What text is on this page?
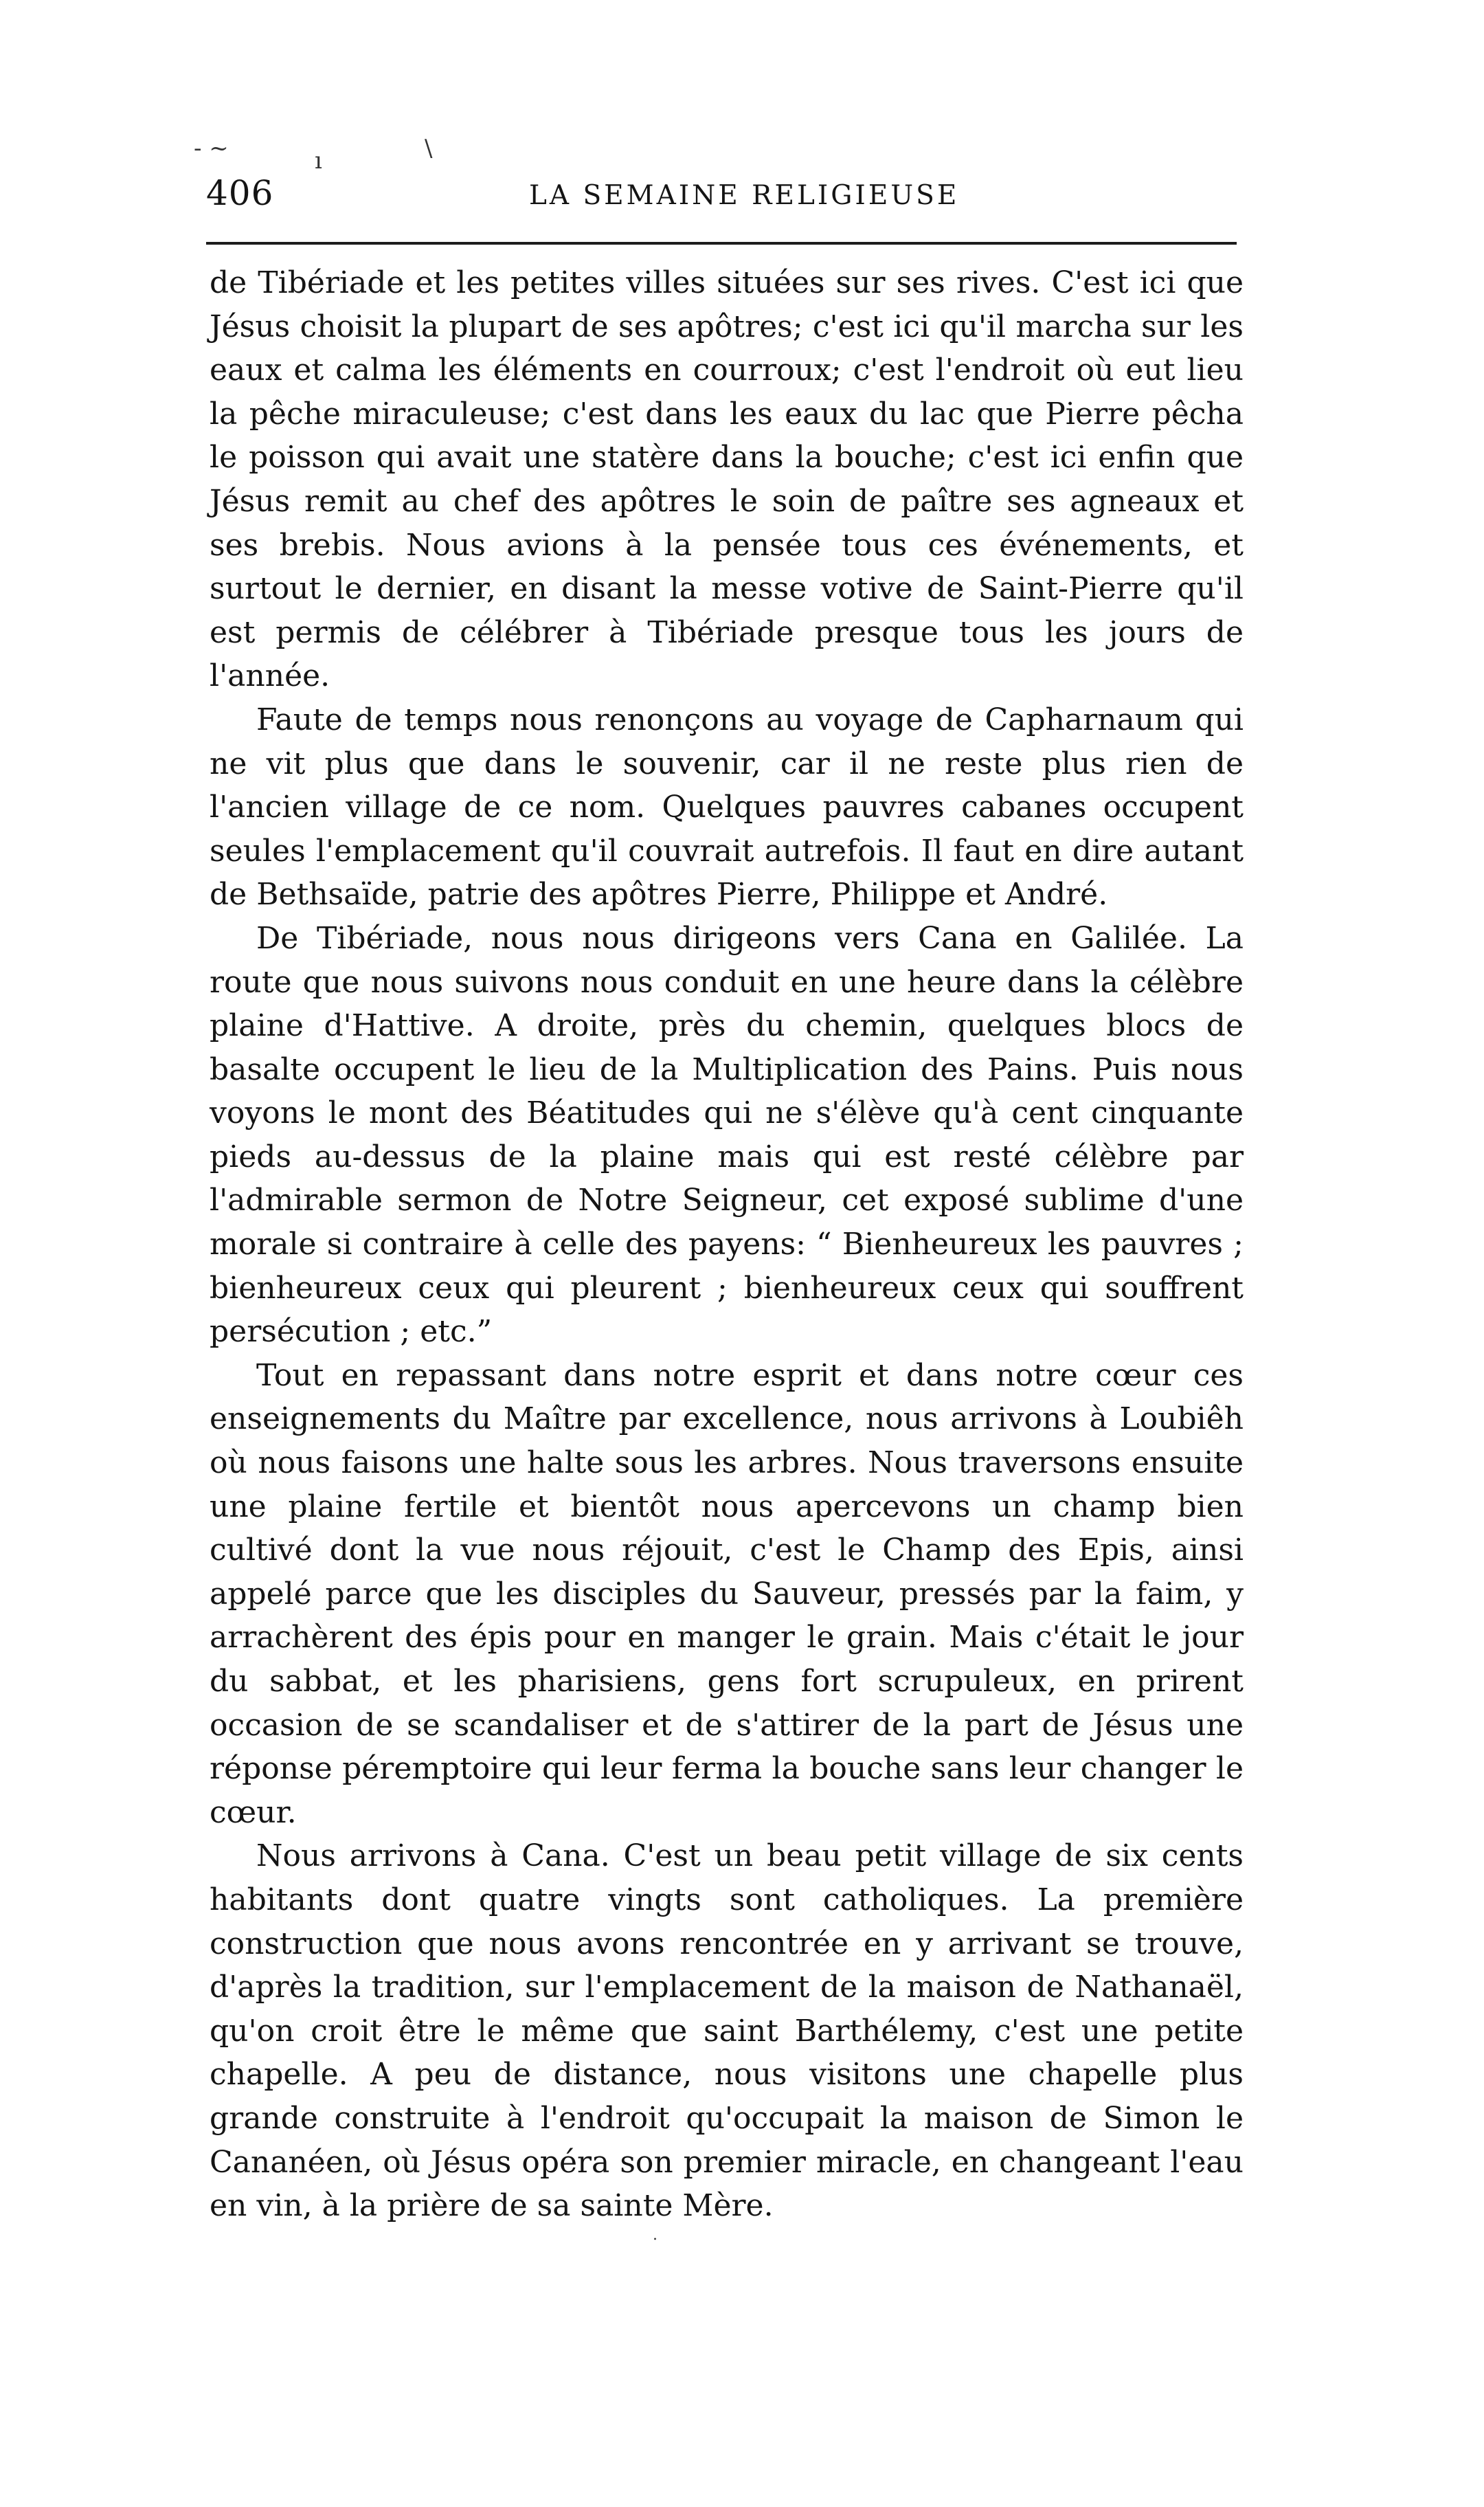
- ~	ı	\
406	LA SEMAINE RELIGIEUSE

de Tibériade et les petites villes situées sur ses rives. C'est ici que Jésus choisit la plupart de ses apôtres; c'est ici qu'il marcha sur les eaux et calma les éléments en courroux; c'est l'endroit où eut lieu la pêche miraculeuse; c'est dans les eaux du lac que Pierre pêcha le poisson qui avait une statère dans la bouche; c'est ici enfin que Jésus remit au chef des apôtres le soin de paître ses agneaux et ses brebis. Nous avions à la pensée tous ces événements, et surtout le dernier, en disant la messe votive de Saint-Pierre qu'il est permis de célébrer à Tibériade presque tous les jours de l'année.

Faute de temps nous renonçons au voyage de Capharnaum qui ne vit plus que dans le souvenir, car il ne reste plus rien de l'ancien village de ce nom. Quelques pauvres cabanes occupent seules l'emplacement qu'il couvrait autrefois. Il faut en dire autant de Bethsaïde, patrie des apôtres Pierre, Philippe et André.

De Tibériade, nous nous dirigeons vers Cana en Galilée. La route que nous suivons nous conduit en une heure dans la célèbre plaine d'Hattive. A droite, près du chemin, quelques blocs de basalte occupent le lieu de la Multiplication des Pains. Puis nous voyons le mont des Béatitudes qui ne s'élève qu'à cent cinquante pieds au-dessus de la plaine mais qui est resté célèbre par l'admirable sermon de Notre Seigneur, cet exposé sublime d'une morale si contraire à celle des payens: “ Bienheureux les pauvres ; bienheureux ceux qui pleurent ; bienheureux ceux qui souffrent persécution ; etc.”

Tout en repassant dans notre esprit et dans notre cœur ces enseignements du Maître par excellence, nous arrivons à Loubiêh où nous faisons une halte sous les arbres. Nous traversons ensuite une plaine fertile et bientôt nous apercevons un champ bien cultivé dont la vue nous réjouit, c'est le Champ des Epis, ainsi appelé parce que les disciples du Sauveur, pressés par la faim, y arrachèrent des épis pour en manger le grain. Mais c'était le jour du sabbat, et les pharisiens, gens fort scrupuleux, en prirent occasion de se scandaliser et de s'attirer de la part de Jésus une réponse péremptoire qui leur ferma la bouche sans leur changer le cœur.

Nous arrivons à Cana. C'est un beau petit village de six cents habitants dont quatre vingts sont catholiques. La première construction que nous avons rencontrée en y arrivant se trouve, d'après la tradition, sur l'emplacement de la maison de Nathanaël, qu'on croit être le même que saint Barthélemy, c'est une petite chapelle. A peu de distance, nous visitons une chapelle plus grande construite à l'endroit qu'occupait la maison de Simon le Cananéen, où Jésus opéra son premier miracle, en changeant l'eau en vin, à la prière de sa sainte Mère.

.
